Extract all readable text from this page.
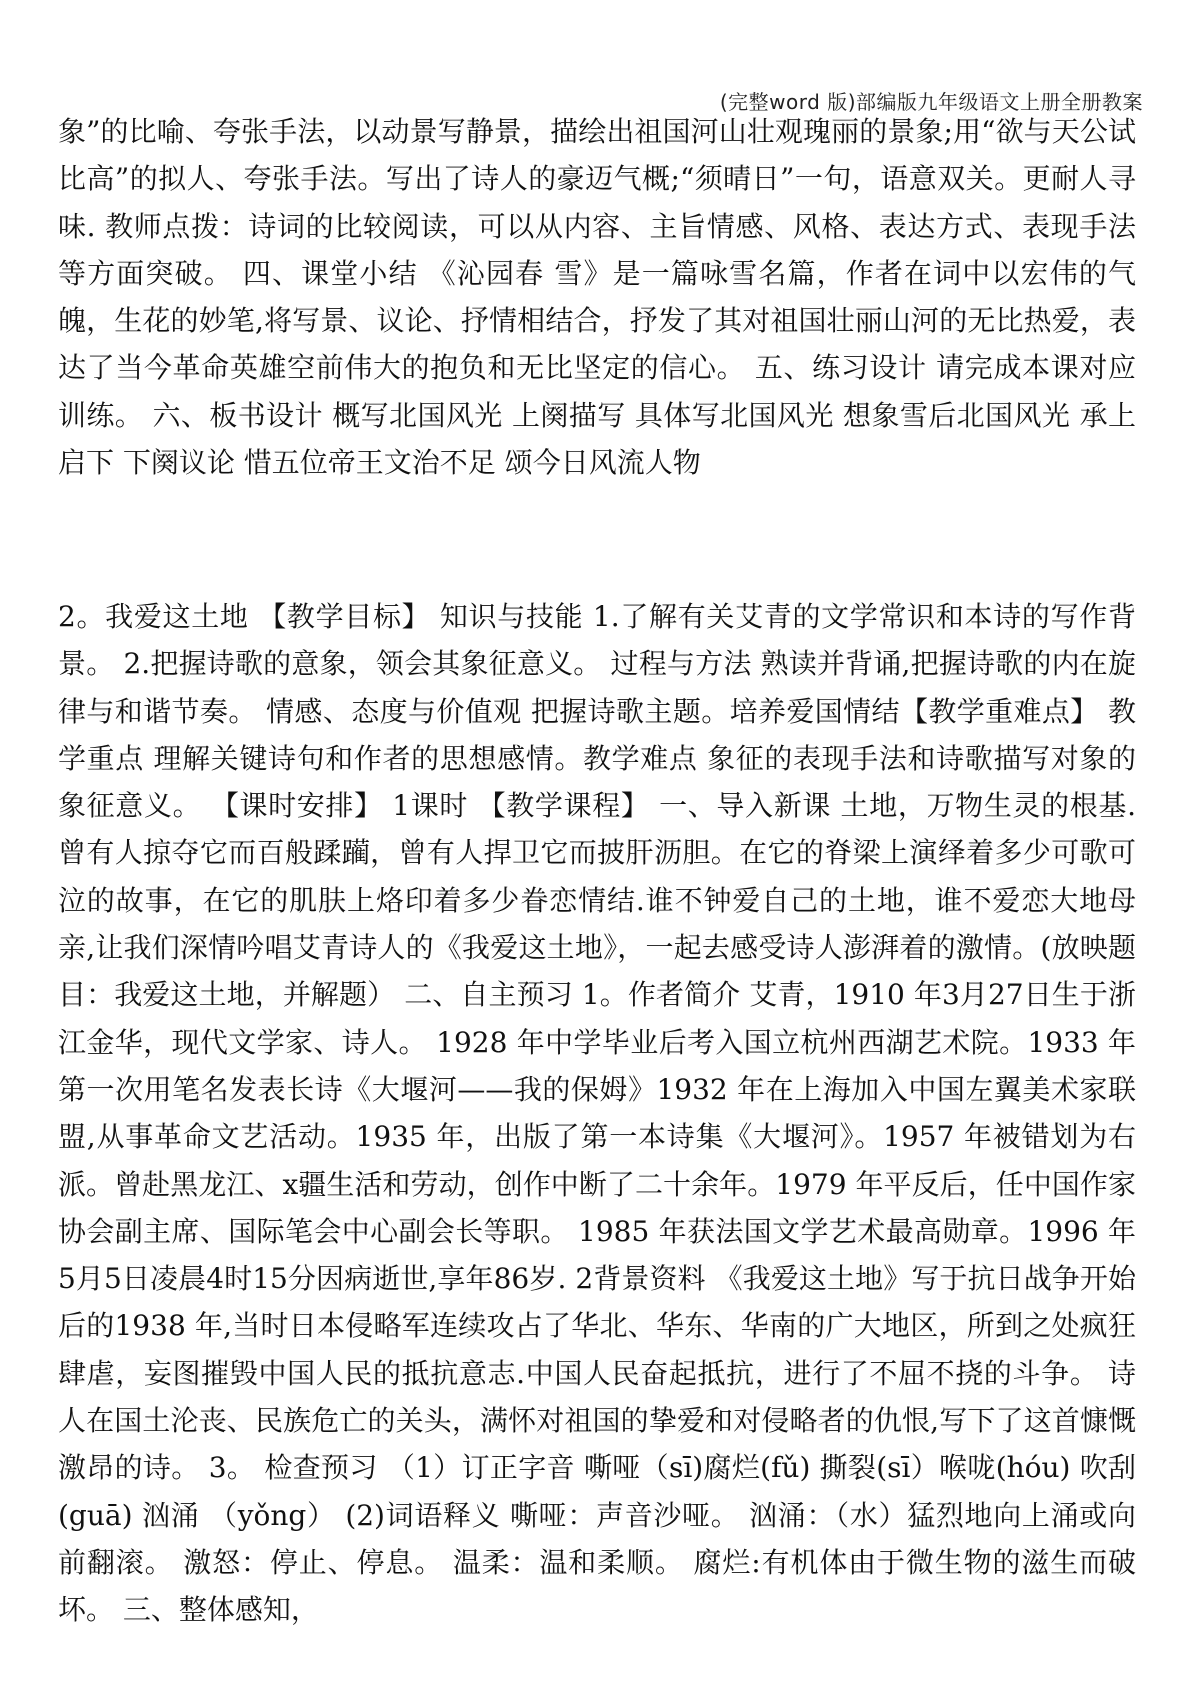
(完整word 版)部编版九年级语文上册全册教案

象”的比喻、夸张手法，以动景写静景，描绘出祖国河山壮观瑰丽的景象;用“欲与天公试比高”的拟人、夸张手法。写出了诗人的豪迈气概;“须晴日”一句，语意双关。更耐人寻味. 教师点拨：诗词的比较阅读，可以从内容、主旨情感、风格、表达方式、表现手法等方面突破。 四、课堂小结 《沁园春 雪》是一篇咏雪名篇，作者在词中以宏伟的气魄，生花的妙笔,将写景、议论、抒情相结合，抒发了其对祖国壮丽山河的无比热爱，表达了当今革命英雄空前伟大的抱负和无比坚定的信心。 五、练习设计 请完成本课对应训练。 六、板书设计 概写北国风光 上阕描写 具体写北国风光 想象雪后北国风光 承上启下 下阕议论 惜五位帝王文治不足 颂今日风流人物

2。我爱这土地 【教学目标】 知识与技能 1.了解有关艾青的文学常识和本诗的写作背景。 2.把握诗歌的意象，领会其象征意义。 过程与方法 熟读并背诵,把握诗歌的内在旋律与和谐节奏。 情感、态度与价值观 把握诗歌主题。培养爱国情结【教学重难点】 教学重点 理解关键诗句和作者的思想感情。教学难点 象征的表现手法和诗歌描写对象的象征意义。 【课时安排】 1课时 【教学课程】 一、导入新课 土地，万物生灵的根基.曾有人掠夺它而百般蹂躏，曾有人捍卫它而披肝沥胆。在它的脊梁上演绎着多少可歌可泣的故事，在它的肌肤上烙印着多少眷恋情结.谁不钟爱自己的土地，谁不爱恋大地母亲,让我们深情吟唱艾青诗人的《我爱这土地》，一起去感受诗人澎湃着的激情。(放映题目：我爱这土地，并解题） 二、自主预习 1。作者简介 艾青，1910 年3月27日生于浙江金华，现代文学家、诗人。 1928 年中学毕业后考入国立杭州西湖艺术院。1933 年第一次用笔名发表长诗《大堰河——我的保姆》1932 年在上海加入中国左翼美术家联盟,从事革命文艺活动。1935 年，出版了第一本诗集《大堰河》。1957 年被错划为右派。曾赴黑龙江、x疆生活和劳动，创作中断了二十余年。1979 年平反后，任中国作家协会副主席、国际笔会中心副会长等职。 1985 年获法国文学艺术最高勋章。1996 年5月5日凌晨4时15分因病逝世,享年86岁. 2背景资料 《我爱这土地》写于抗日战争开始后的1938 年,当时日本侵略军连续攻占了华北、华东、华南的广大地区，所到之处疯狂肆虐，妄图摧毁中国人民的抵抗意志.中国人民奋起抵抗，进行了不屈不挠的斗争。 诗人在国土沦丧、民族危亡的关头，满怀对祖国的挚爱和对侵略者的仇恨,写下了这首慷慨激昂的诗。 3。 检查预习 （1）订正字音 嘶哑（sī)腐烂(fǔ) 撕裂(sī）喉咙(hóu) 吹刮(guā) 汹涌 （yǒng） (2)词语释义 嘶哑：声音沙哑。 汹涌：（水）猛烈地向上涌或向前翻滚。 激怒：停止、停息。 温柔：温和柔顺。 腐烂:有机体由于微生物的滋生而破坏。 三、整体感知，
